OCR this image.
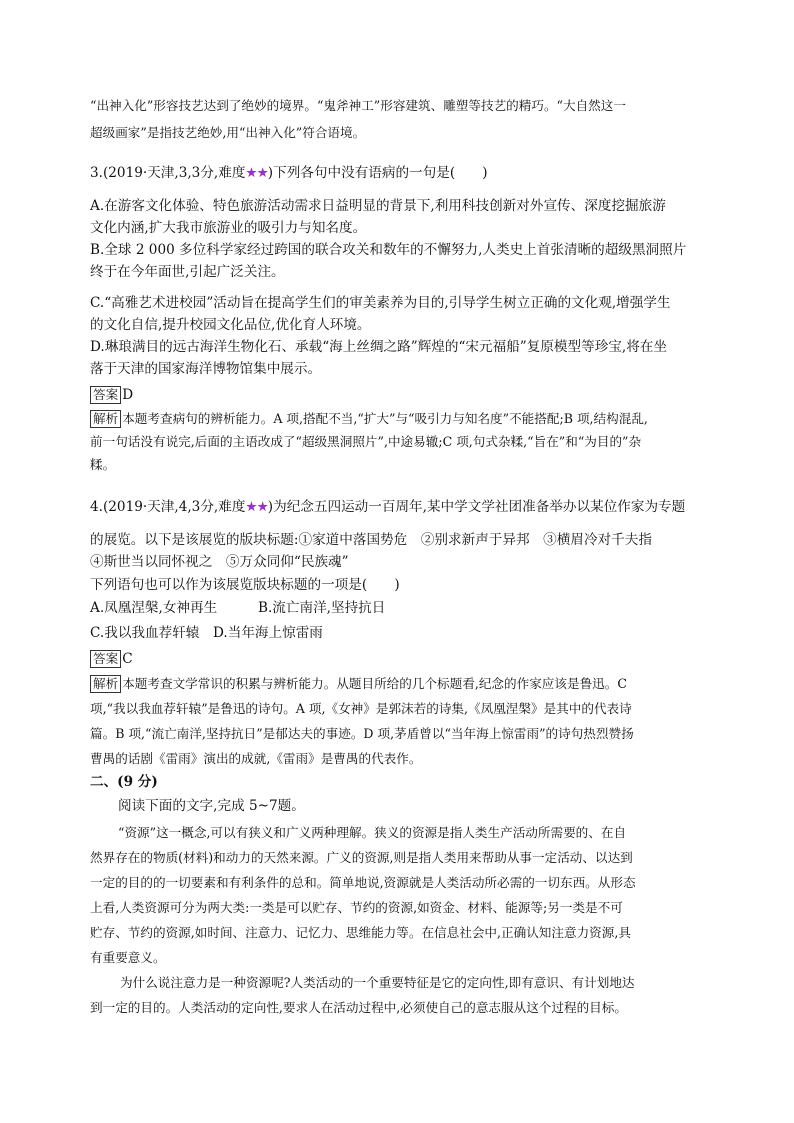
“出神入化”形容技艺达到了绝妙的境界。“鬼斧神工”形容建筑、雕塑等技艺的精巧。“大自然这一
超级画家”是指技艺绝妙,用“出神入化”符合语境。
3.(2019·天津,3,3分,难度★★)下列各句中没有语病的一句是(　　)
A.在游客文化体验、特色旅游活动需求日益明显的背景下,利用科技创新对外宣传、深度挖掘旅游
文化内涵,扩大我市旅游业的吸引力与知名度。
B.全球 2 000 多位科学家经过跨国的联合攻关和数年的不懈努力,人类史上首张清晰的超级黑洞照片
终于在今年面世,引起广泛关注。
C.“高雅艺术进校园”活动旨在提高学生们的审美素养为目的,引导学生树立正确的文化观,增强学生
的文化自信,提升校园文化品位,优化育人环境。
D.琳琅满目的远古海洋生物化石、承载“海上丝绸之路”辉煌的“宋元福船”复原模型等珍宝,将在坐
落于天津的国家海洋博物馆集中展示。
答案 D
解析 本题考查病句的辨析能力。A 项,搭配不当,“扩大”与“吸引力与知名度”不能搭配;B 项,结构混乱,
前一句话没有说完,后面的主语改成了“超级黑洞照片”,中途易辙;C 项,句式杂糅,“旨在”和“为目的”杂
糅。
4.(2019·天津,4,3分,难度★★)为纪念五四运动一百周年,某中学文学社团准备举办以某位作家为专题
的展览。以下是该展览的版块标题:①家道中落国势危　②别求新声于异邦　③横眉冷对千夫指
④斯世当以同怀视之　⑤万众同仰“民族魂”
下列语句也可以作为该展览版块标题的一项是(　　)
A.凤凰涅槃,女神再生　　　B.流亡南洋,坚持抗日
C.我以我血荐轩辕　D.当年海上惊雷雨
答案 C
解析 本题考查文学常识的积累与辨析能力。从题目所给的几个标题看,纪念的作家应该是鲁迅。C
项,“我以我血荐轩辕”是鲁迅的诗句。A 项,《女神》是郭沫若的诗集,《凤凰涅槃》是其中的代表诗
篇。B 项,“流亡南洋,坚持抗日”是郁达夫的事迹。D 项,茅盾曾以“当年海上惊雷雨”的诗句热烈赞扬
曹禺的话剧《雷雨》演出的成就,《雷雨》是曹禺的代表作。
二、(9 分)
阅读下面的文字,完成 5~7题。
“资源”这一概念,可以有狭义和广义两种理解。狭义的资源是指人类生产活动所需要的、在自
然界存在的物质(材料)和动力的天然来源。广义的资源,则是指人类用来帮助从事一定活动、以达到
一定的目的的一切要素和有利条件的总和。简单地说,资源就是人类活动所必需的一切东西。从形态
上看,人类资源可分为两大类:一类是可以贮存、节约的资源,如资金、材料、能源等;另一类是不可
贮存、节约的资源,如时间、注意力、记忆力、思维能力等。在信息社会中,正确认知注意力资源,具
有重要意义。
为什么说注意力是一种资源呢?人类活动的一个重要特征是它的定向性,即有意识、有计划地达
到一定的目的。人类活动的定向性,要求人在活动过程中,必须使自己的意志服从这个过程的目标。
